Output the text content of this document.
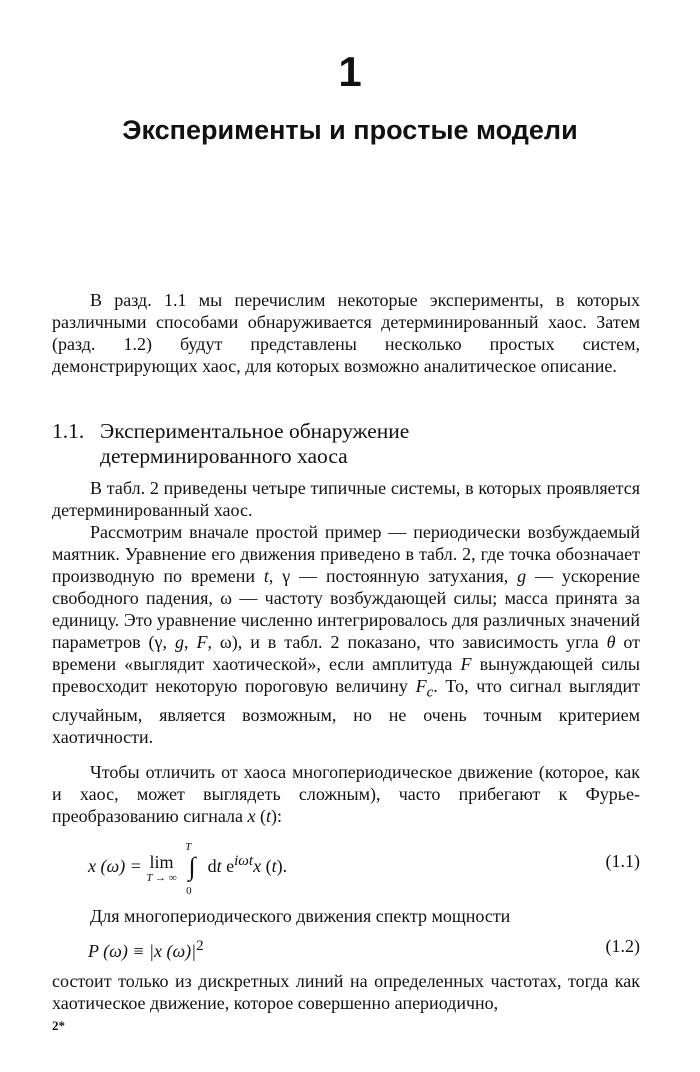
1
Эксперименты и простые модели

В разд. 1.1 мы перечислим некоторые эксперименты, в которых различными способами обнаруживается детерминированный хаос. Затем (разд. 1.2) будут представлены несколько простых систем, демонстрирующих хаос, для которых возможно аналитическое описание.

1.1. Экспериментальное обнаружение
детерминированного хаоса

В табл. 2 приведены четыре типичные системы, в которых проявляется детерминированный хаос.

Рассмотрим вначале простой пример — периодически возбуждаемый маятник. Уравнение его движения приведено в табл. 2, где точка обозначает производную по времени t, γ — постоянную затухания, g — ускорение свободного падения, ω — частоту возбуждающей силы; масса принята за единицу. Это уравнение численно интегрировалось для различных значений параметров (γ, g, F, ω), и в табл. 2 показано, что зависимость угла θ от времени «выглядит хаотической», если амплитуда F вынуждающей силы превосходит некоторую пороговую величину $F_c$. То, что сигнал выглядит случайным, является возможным, но не очень точным критерием хаотичности.

Чтобы отличить от хаоса многопериодическое движение (которое, как и хаос, может выглядеть сложным), часто прибегают к Фурье-преобразованию сигнала x (t):

x (ω) = lim
T → ∞

T
∫
0
dt $e^{i\omega t}x$ (t).	(1.1)

Для многопериодического движения спектр мощности

P (ω) ≡ |x $(\omega)|^2$	(1.2)

состоит только из дискретных линий на определенных частотах, тогда как хаотическое движение, которое совершенно апериодично,

2*
